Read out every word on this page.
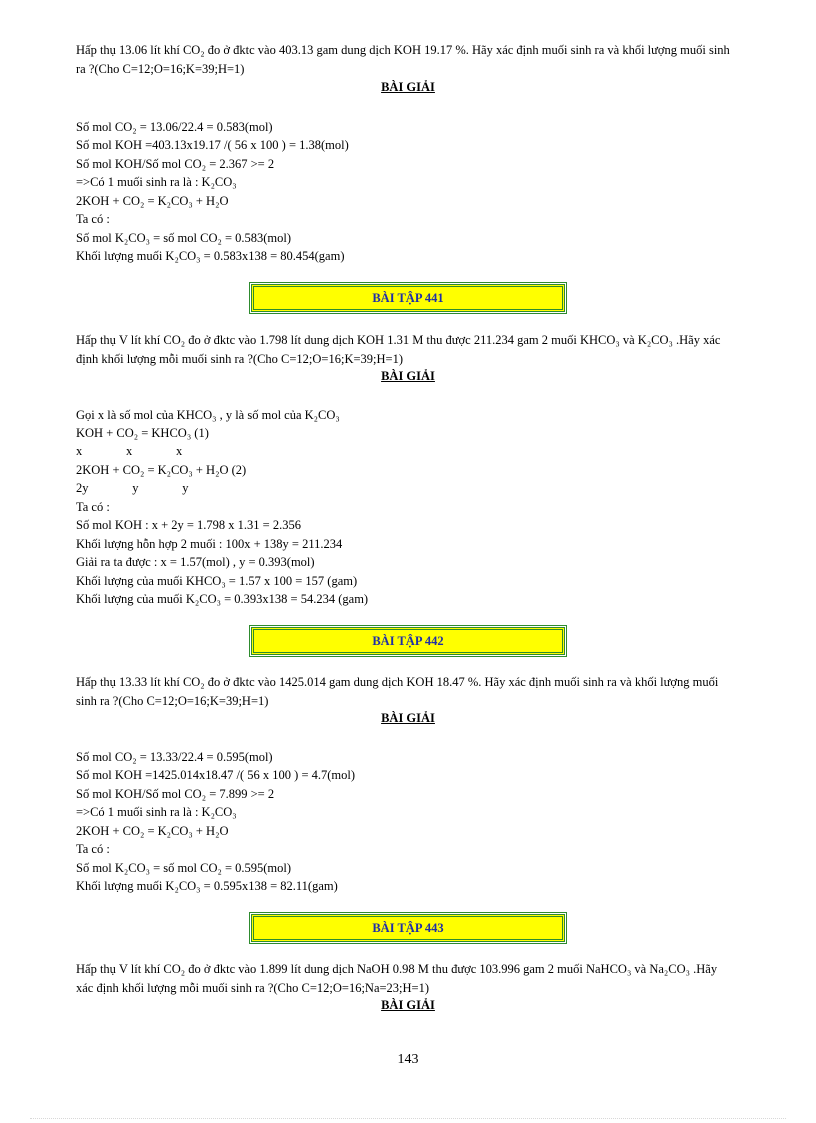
Hấp thụ 13.06 lít khí CO₂ đo ở đktc vào 403.13 gam dung dịch KOH 19.17 %. Hãy xác định muối sinh ra và khối lượng muối sinh ra ?(Cho C=12;O=16;K=39;H=1)
BÀI GIẢI
Số mol CO₂ = 13.06/22.4 = 0.583(mol)
Số mol KOH =403.13x19.17 /( 56 x 100 ) = 1.38(mol)
Số mol KOH/Số mol CO₂ = 2.367 >= 2
=>Có 1 muối sinh ra là : K₂CO₃
2KOH + CO₂ = K₂CO₃ + H₂O
Ta có :
Số mol K₂CO₃ = số mol CO₂ = 0.583(mol)
Khối lượng muối K₂CO₃ = 0.583x138 = 80.454(gam)
BÀI TẬP 441
Hấp thụ V lít khí CO₂ đo ở đktc vào 1.798 lít dung dịch KOH 1.31 M thu được 211.234 gam 2 muối KHCO₃ và K₂CO₃ .Hãy xác định khối lượng mỗi muối sinh ra ?(Cho C=12;O=16;K=39;H=1)
BÀI GIẢI
Gọi x là số mol của KHCO₃ , y là số mol của K₂CO₃
KOH + CO₂ = KHCO₃ (1)
x              x              x
2KOH + CO₂ = K₂CO₃ + H₂O (2)
2y              y              y
Ta có :
Số mol KOH : x + 2y = 1.798 x 1.31 = 2.356
Khối lượng hỗn hợp 2 muối : 100x + 138y = 211.234
Giải ra ta được : x = 1.57(mol) , y = 0.393(mol)
Khối lượng của muối KHCO₃ = 1.57 x 100 = 157 (gam)
Khối lượng của muối K₂CO₃ = 0.393x138 = 54.234 (gam)
BÀI TẬP 442
Hấp thụ 13.33 lít khí CO₂ đo ở đktc vào 1425.014 gam dung dịch KOH 18.47 %. Hãy xác định muối sinh ra và khối lượng muối sinh ra ?(Cho C=12;O=16;K=39;H=1)
BÀI GIẢI
Số mol CO₂ = 13.33/22.4 = 0.595(mol)
Số mol KOH =1425.014x18.47 /( 56 x 100 ) = 4.7(mol)
Số mol KOH/Số mol CO₂ = 7.899 >= 2
=>Có 1 muối sinh ra là : K₂CO₃
2KOH + CO₂ = K₂CO₃ + H₂O
Ta có :
Số mol K₂CO₃ = số mol CO₂ = 0.595(mol)
Khối lượng muối K₂CO₃ = 0.595x138 = 82.11(gam)
BÀI TẬP 443
Hấp thụ V lít khí CO₂ đo ở đktc vào 1.899 lít dung dịch NaOH 0.98 M thu được 103.996 gam 2 muối NaHCO₃ và Na₂CO₃ .Hãy xác định khối lượng mỗi muối sinh ra ?(Cho C=12;O=16;Na=23;H=1)
BÀI GIẢI
143
